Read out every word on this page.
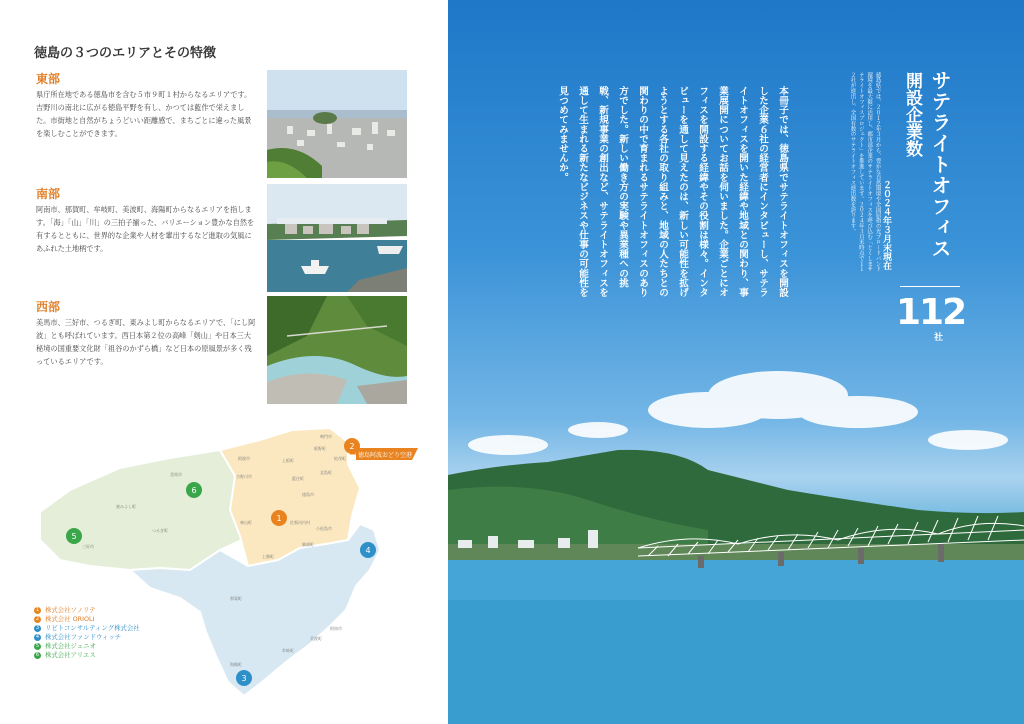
徳島の３つのエリアとその特徴
東部
県庁所在地である徳島市を含む５市９町１村からなるエリアです。吉野川の南北に広がる徳島平野を有し、かつては藍作で栄えました。市街地と自然がちょうどいい距離感で、まちごとに違った風景を楽しむことができます。
南部
阿南市、那賀町、牟岐町、美波町、海陽町からなるエリアを指します。「海」「山」「川」の三拍子揃った、バリエーション豊かな自然を有するとともに、世界的な企業や人材を輩出するなど進取の気風にあふれた土地柄です。
西部
美馬市、三好市、つるぎ町、東みよし町からなるエリアで、「にし阿波」とも呼ばれています。西日本第２位の高峰「剣山」や日本三大秘境の国重要文化財「祖谷のかずら橋」など日本の原風景が多く残っているエリアです。
徳島阿波おどり空港
1
2
3
4
5
6	徳島市
鳴門市
阿南市
吉野川市
美馬市
三好市
つるぎ町
東みよし町
那賀町
美波町
海陽町
牟岐町
上勝町
神山町	佐那河内村
小松島市
勝浦町
阿波市	上板町
板野町
藍住町
北島町
松茂町
1 株式会社ソノリテ
2 株式会社 ORIOLI
3 リビトコンサルティング株式会社
4 株式会社ファンドウィッチ
5 株式会社ジェニオ
6 株式会社アリエス
サテライトオフィス
開設企業数
２０２４年３月末現在
112
社
徳島県では、２０１２年３月から、豊かな自然環境や全国屈指の光ブロードバンド環境を最大限に活用し、都市部企業のサテライトオフィスを呼び込む「とくしまサテライトオフィスプロジェクト」を推進しています。２０２４年３月末時点で１１２社が進出し、全国有数のサテライトオフィス進出数を誇ります。
本冊子では、徳島県でサテライトオフィスを開設した企業６社の経営者にインタビューし、サテライトオフィスを開いた経緯や地域との関わり、事業展開についてお話を伺いました。企業ごとにオフィスを開設する経緯やその役割は様々。インタビューを通して見えたのは、新しい可能性を拡げようとする各社の取り組みと、地域の人たちとの関わりの中で育まれるサテライトオフィスのあり方でした。新しい働き方の実験や異業種への挑戦、新規事業の創出など、サテライトオフィスを通して生まれる新たなビジネスや仕事の可能性を見つめてみませんか。
